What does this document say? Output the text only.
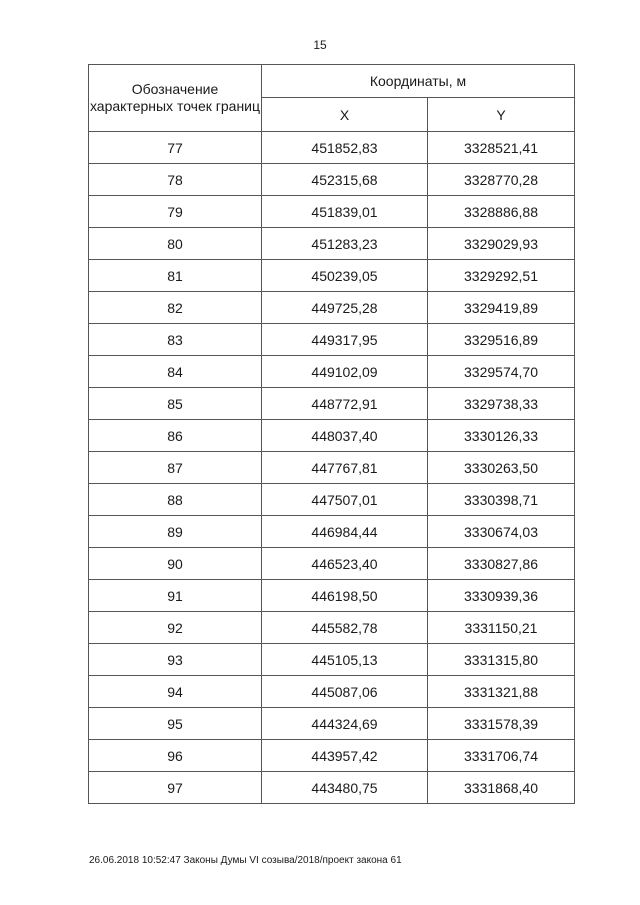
15
Обозначение характерных точек границ	Координаты, м	
	X	Y
77	451852,83	3328521,41
78	452315,68	3328770,28
79	451839,01	3328886,88
80	451283,23	3329029,93
81	450239,05	3329292,51
82	449725,28	3329419,89
83	449317,95	3329516,89
84	449102,09	3329574,70
85	448772,91	3329738,33
86	448037,40	3330126,33
87	447767,81	3330263,50
88	447507,01	3330398,71
89	446984,44	3330674,03
90	446523,40	3330827,86
91	446198,50	3330939,36
92	445582,78	3331150,21
93	445105,13	3331315,80
94	445087,06	3331321,88
95	444324,69	3331578,39
96	443957,42	3331706,74
97	443480,75	3331868,40
26.06.2018 10:52:47 Законы Думы VI созыва/2018/проект закона 61
